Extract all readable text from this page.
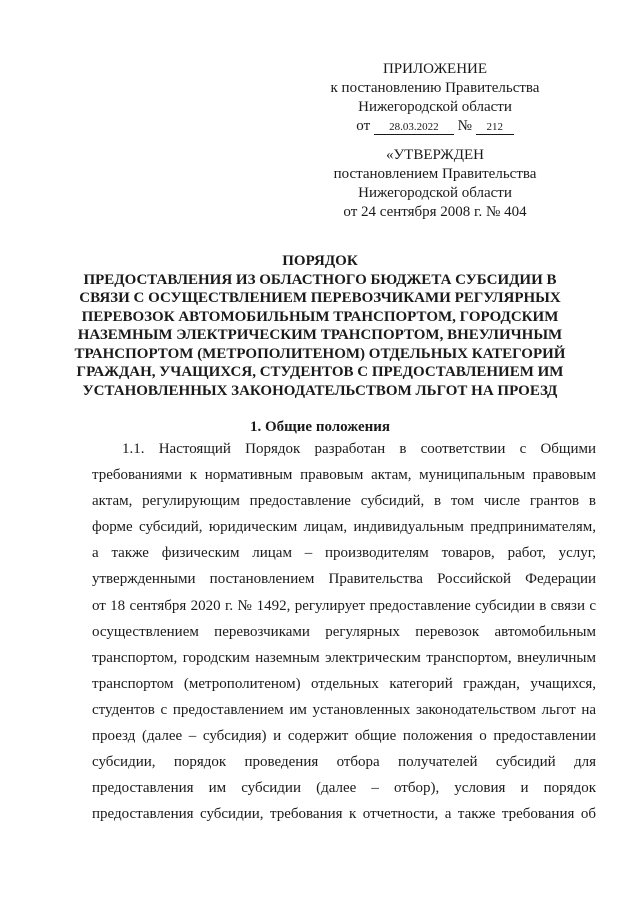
ПРИЛОЖЕНИЕ
к постановлению Правительства
Нижегородской области
от 28.03.2022 № 212
«УТВЕРЖДЕН
постановлением Правительства
Нижегородской области
от 24 сентября 2008 г. № 404
ПОРЯДОК
ПРЕДОСТАВЛЕНИЯ ИЗ ОБЛАСТНОГО БЮДЖЕТА СУБСИДИИ В
СВЯЗИ С ОСУЩЕСТВЛЕНИЕМ ПЕРЕВОЗЧИКАМИ РЕГУЛЯРНЫХ
ПЕРЕВОЗОК АВТОМОБИЛЬНЫМ ТРАНСПОРТОМ, ГОРОДСКИМ
НАЗЕМНЫМ ЭЛЕКТРИЧЕСКИМ ТРАНСПОРТОМ, ВНЕУЛИЧНЫМ
ТРАНСПОРТОМ (МЕТРОПОЛИТЕНОМ) ОТДЕЛЬНЫХ КАТЕГОРИЙ
ГРАЖДАН, УЧАЩИХСЯ, СТУДЕНТОВ С ПРЕДОСТАВЛЕНИЕМ ИМ
УСТАНОВЛЕННЫХ ЗАКОНОДАТЕЛЬСТВОМ ЛЬГОТ НА ПРОЕЗД
1. Общие положения
1.1. Настоящий Порядок разработан в соответствии с Общими
требованиями к нормативным правовым актам, муниципальным правовым
актам, регулирующим предоставление субсидий, в том числе грантов в
форме субсидий, юридическим лицам, индивидуальным предпринимателям,
а также физическим лицам – производителям товаров, работ, услуг,
утвержденными постановлением Правительства Российской Федерации
от 18 сентября 2020 г. № 1492, регулирует предоставление субсидии в связи с
осуществлением перевозчиками регулярных перевозок автомобильным
транспортом, городским наземным электрическим транспортом, внеуличным
транспортом (метрополитеном) отдельных категорий граждан, учащихся,
студентов с предоставлением им установленных законодательством льгот на
проезд (далее – субсидия) и содержит общие положения о предоставлении
субсидии, порядок проведения отбора получателей субсидий для
предоставления им субсидии (далее – отбор), условия и порядок
предоставления субсидии, требования к отчетности, а также требования об
